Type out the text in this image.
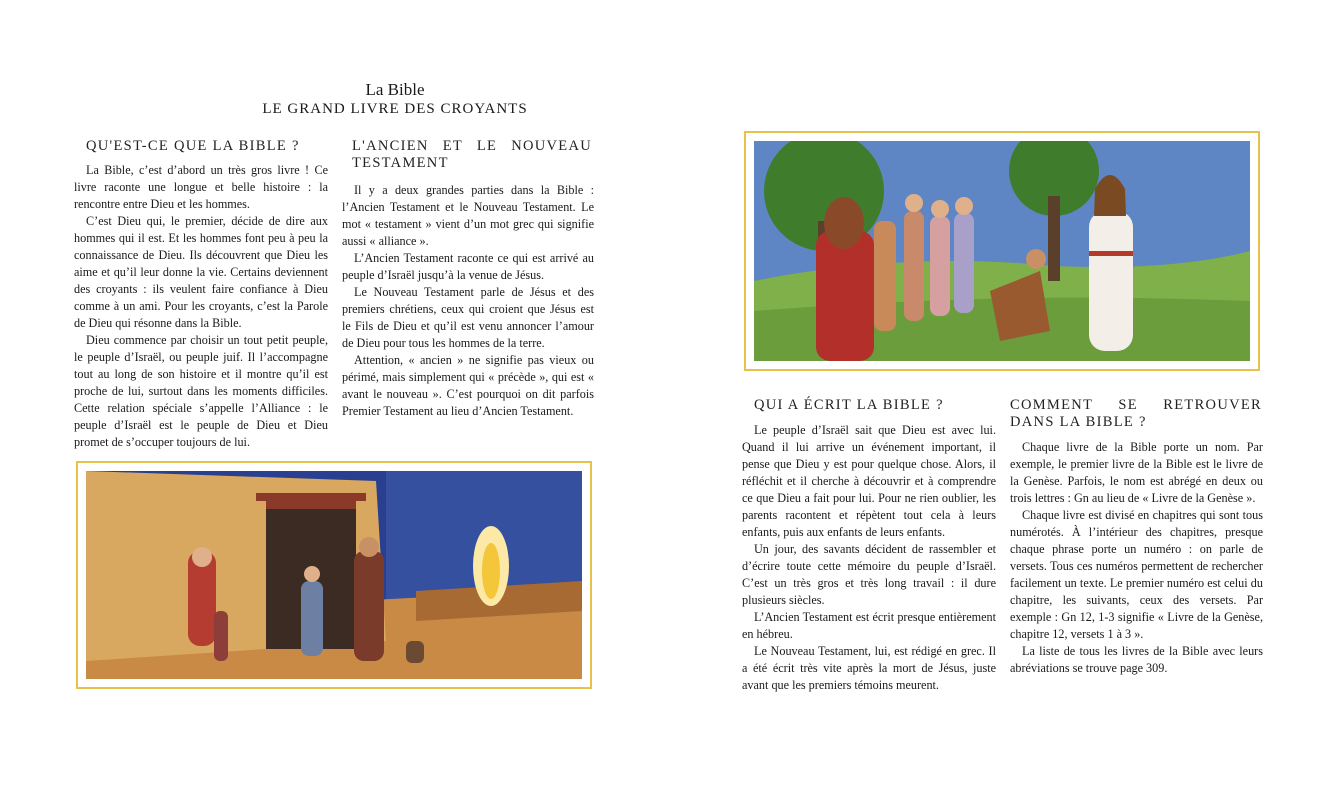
La Bible
LE GRAND LIVRE DES CROYANTS
QU'EST-CE QUE LA BIBLE ?

La Bible, c’est d’abord un très gros livre ! Ce livre raconte une longue et belle histoire : la rencontre entre Dieu et les hommes.

C’est Dieu qui, le premier, décide de dire aux hommes qui il est. Et les hommes font peu à peu la connaissance de Dieu. Ils découvrent que Dieu les aime et qu’il leur donne la vie. Certains deviennent des croyants : ils veulent faire confiance à Dieu comme à un ami. Pour les croyants, c’est la Parole de Dieu qui résonne dans la Bible.

Dieu commence par choisir un tout petit peuple, le peuple d’Israël, ou peuple juif. Il l’accompagne tout au long de son histoire et il montre qu’il est proche de lui, surtout dans les moments difficiles. Cette relation spéciale s’appelle l’Alliance : le peuple d’Israël est le peuple de Dieu et Dieu promet de s’occuper toujours de lui.

L'ANCIEN ET LE NOUVEAU TESTAMENT

Il y a deux grandes parties dans la Bible : l’Ancien Testament et le Nouveau Testament. Le mot « testament » vient d’un mot grec qui signifie aussi « alliance ».

L’Ancien Testament raconte ce qui est arrivé au peuple d’Israël jusqu’à la venue de Jésus.

Le Nouveau Testament parle de Jésus et des premiers chrétiens, ceux qui croient que Jésus est le Fils de Dieu et qu’il est venu annoncer l’amour de Dieu pour tous les hommes de la terre.

Attention, « ancien » ne signifie pas vieux ou périmé, mais simplement qui « précède », qui est « avant le nouveau ». C’est pourquoi on dit parfois Premier Testament au lieu d’Ancien Testament.	QUI A ÉCRIT LA BIBLE ?

Le peuple d’Israël sait que Dieu est avec lui. Quand il lui arrive un événement important, il pense que Dieu y est pour quelque chose. Alors, il réfléchit et il cherche à découvrir et à comprendre ce que Dieu a fait pour lui. Pour ne rien oublier, les parents racontent et répètent tout cela à leurs enfants, puis aux enfants de leurs enfants.

Un jour, des savants décident de rassembler et d’écrire toute cette mémoire du peuple d’Israël. C’est un très gros et très long travail : il dure plusieurs siècles.

L’Ancien Testament est écrit presque entièrement en hébreu.

Le Nouveau Testament, lui, est rédigé en grec. Il a été écrit très vite après la mort de Jésus, juste avant que les premiers témoins meurent.

COMMENT SE RETROUVER DANS LA BIBLE ?

Chaque livre de la Bible porte un nom. Par exemple, le premier livre de la Bible est le livre de la Genèse. Parfois, le nom est abrégé en deux ou trois lettres : Gn au lieu de « Livre de la Genèse ».

Chaque livre est divisé en chapitres qui sont tous numérotés. À l’intérieur des chapitres, presque chaque phrase porte un numéro : on parle de versets. Tous ces numéros permettent de rechercher facilement un texte. Le premier numéro est celui du chapitre, les suivants, ceux des versets. Par exemple : Gn 12, 1-3 signifie « Livre de la Genèse, chapitre 12, versets 1 à 3 ».

La liste de tous les livres de la Bible avec leurs abréviations se trouve page 309.
